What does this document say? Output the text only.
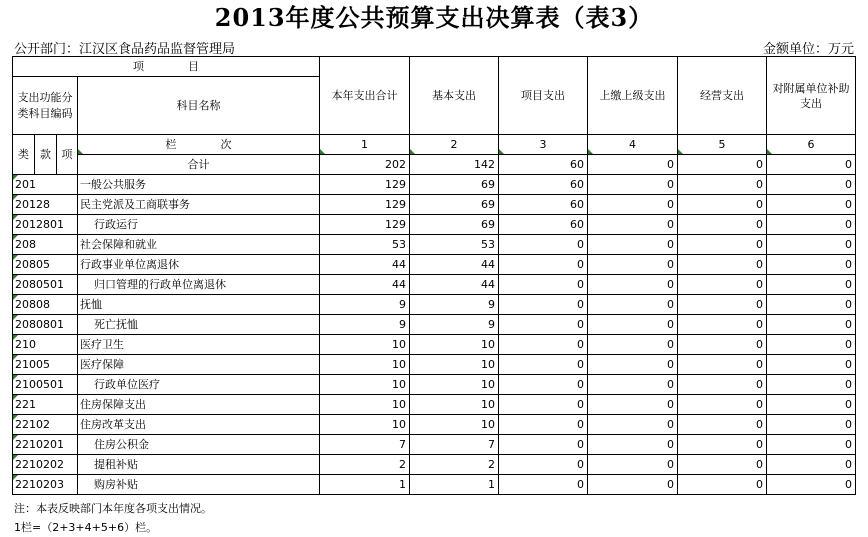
2013年度公共预算支出决算表（表3）
公开部门：江汉区食品药品监督管理局	金额单位：万元
项　　　　目				本年支出合计	基本支出	项目支出	上缴上级支出	经营支出	对附属单位补助支出
支出功能分类科目编码			科目名称						

类	款	项	栏　　　　次	1	2	3	4	5	6
			合计	202	142	60	0	0	0
201			一般公共服务	129	69	60	0	0	0
20128			民主党派及工商联事务	129	69	60	0	0	0
2012801			行政运行	129	69	60	0	0	0
208			社会保障和就业	53	53	0	0	0	0
20805			行政事业单位离退休	44	44	0	0	0	0
2080501			归口管理的行政单位离退休	44	44	0	0	0	0
20808			抚恤	9	9	0	0	0	0
2080801			死亡抚恤	9	9	0	0	0	0
210			医疗卫生	10	10	0	0	0	0
21005			医疗保障	10	10	0	0	0	0
2100501			行政单位医疗	10	10	0	0	0	0
221			住房保障支出	10	10	0	0	0	0
22102			住房改革支出	10	10	0	0	0	0
2210201			住房公积金	7	7	0	0	0	0
2210202			提租补贴	2	2	0	0	0	0
2210203			购房补贴	1	1	0	0	0	0
注：本表反映部门本年度各项支出情况。
1栏=（2+3+4+5+6）栏。
